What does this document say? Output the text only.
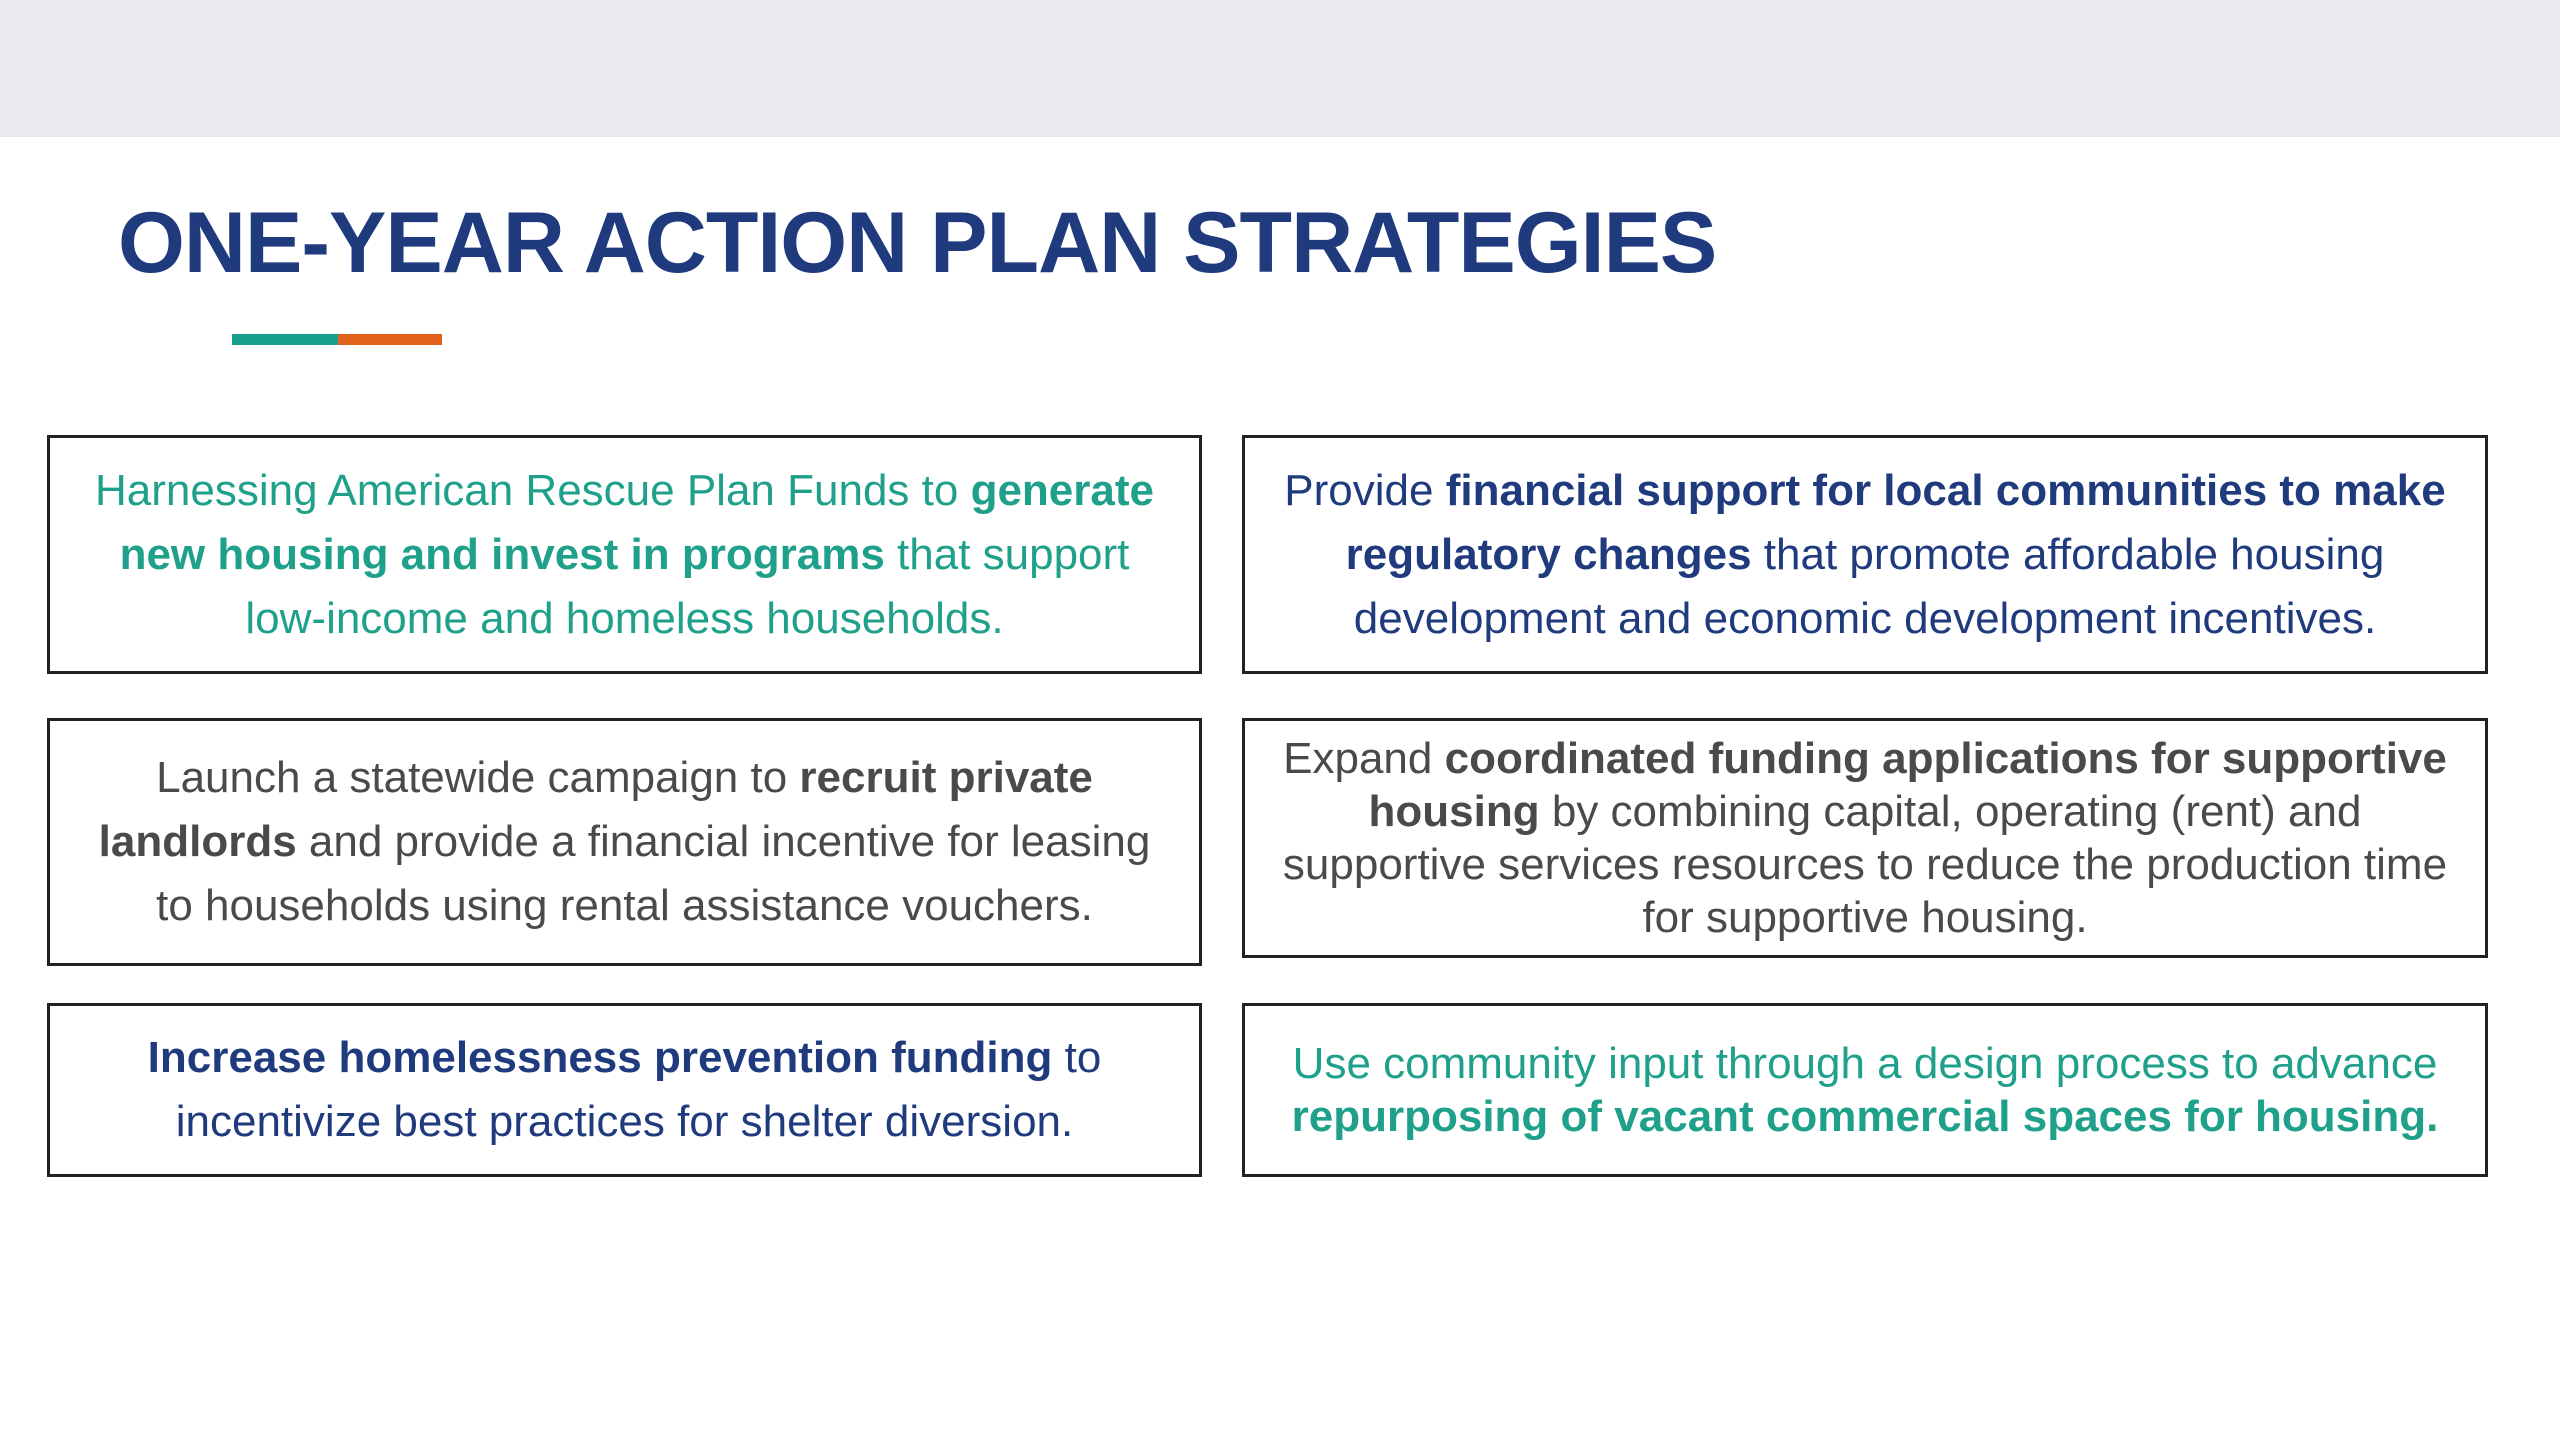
ONE-YEAR ACTION PLAN STRATEGIES

Harnessing American Rescue Plan Funds to generate new housing and invest in programs that support low-income and homeless households.

Provide financial support for local communities to make regulatory changes that promote affordable housing development and economic development incentives.

Launch a statewide campaign to recruit private landlords and provide a financial incentive for leasing to households using rental assistance vouchers.

Expand coordinated funding applications for supportive housing by combining capital, operating (rent) and supportive services resources to reduce the production time for supportive housing.

Increase homelessness prevention funding to incentivize best practices for shelter diversion.

Use community input through a design process to advance repurposing of vacant commercial spaces for housing.
